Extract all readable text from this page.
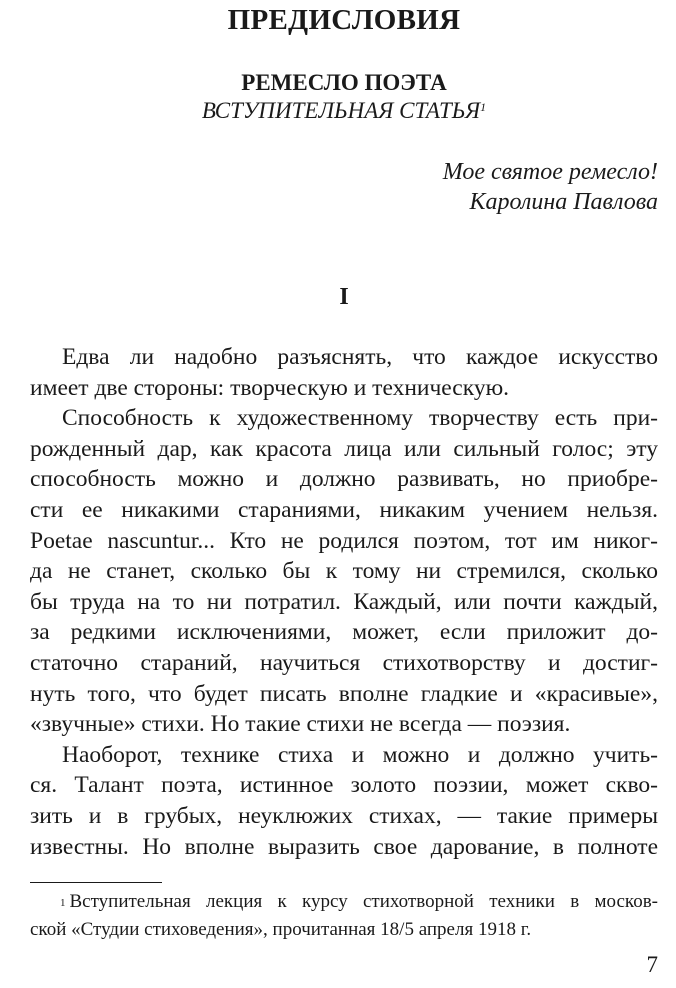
ПРЕДИСЛОВИЯ
РЕМЕСЛО ПОЭТА
ВСТУПИТЕЛЬНАЯ СТАТЬЯ$^1$
Мое святое ремесло!
Каролина Павлова
I

Едва ли надобно разъяснять, что каждое искусство
имеет две стороны: творческую и техническую.

Способность к художественному творчеству есть при-
рожденный дар, как красота лица или сильный голос; эту
способность можно и должно развивать, но приобре-
сти ее никакими стараниями, никаким учением нельзя.
Poetae nascuntur... Кто не родился поэтом, тот им никог-
да не станет, сколько бы к тому ни стремился, сколько
бы труда на то ни потратил. Каждый, или почти каждый,
за редкими исключениями, может, если приложит до-
статочно стараний, научиться стихотворству и достиг-
нуть того, что будет писать вполне гладкие и «красивые»,
«звучные» стихи. Но такие стихи не всегда — поэзия.

Наоборот, технике стиха и можно и должно учить-
ся. Талант поэта, истинное золото поэзии, может скво-
зить и в грубых, неуклюжих стихах, — такие примеры
известны. Но вполне выразить свое дарование, в полноте

$^1$ Вступительная лекция к курсу стихотворной техники в москов-
ской «Студии стиховедения», прочитанная 18/5 апреля 1918 г.
7
